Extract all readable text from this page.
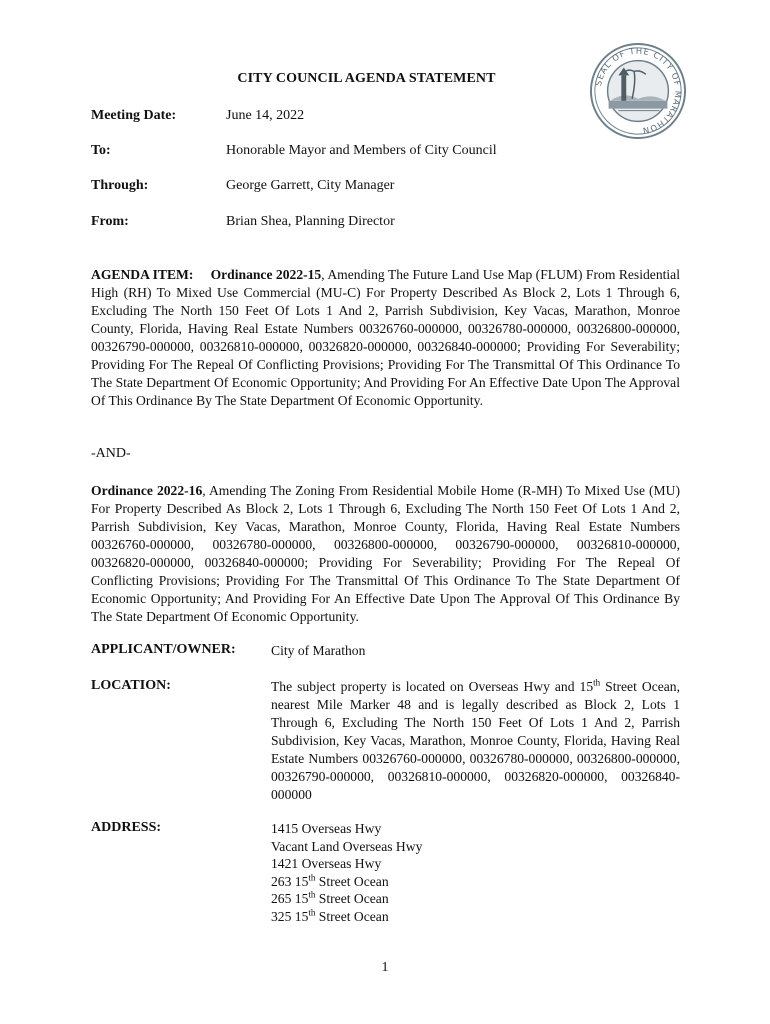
CITY COUNCIL AGENDA STATEMENT	SEAL OF THE CITY OF MARATHON
Meeting Date:	June 14, 2022
To:	Honorable Mayor and Members of City Council
Through:	George Garrett, City Manager
From:	Brian Shea, Planning Director

AGENDA ITEM: Ordinance 2022-15, Amending The Future Land Use Map (FLUM) From Residential High (RH) To Mixed Use Commercial (MU-C) For Property Described As Block 2, Lots 1 Through 6, Excluding The North 150 Feet Of Lots 1 And 2, Parrish Subdivision, Key Vacas, Marathon, Monroe County, Florida, Having Real Estate Numbers 00326760-000000, 00326780-000000, 00326800-000000, 00326790-000000, 00326810-000000, 00326820-000000, 00326840-000000; Providing For Severability; Providing For The Repeal Of Conflicting Provisions; Providing For The Transmittal Of This Ordinance To The State Department Of Economic Opportunity; And Providing For An Effective Date Upon The Approval Of This Ordinance By The State Department Of Economic Opportunity.

-AND-

Ordinance 2022-16, Amending The Zoning From Residential Mobile Home (R-MH) To Mixed Use (MU) For Property Described As Block 2, Lots 1 Through 6, Excluding The North 150 Feet Of Lots 1 And 2, Parrish Subdivision, Key Vacas, Marathon, Monroe County, Florida, Having Real Estate Numbers 00326760-000000, 00326780-000000, 00326800-000000, 00326790-000000, 00326810-000000, 00326820-000000, 00326840-000000; Providing For Severability; Providing For The Repeal Of Conflicting Provisions; Providing For The Transmittal Of This Ordinance To The State Department Of Economic Opportunity; And Providing For An Effective Date Upon The Approval Of This Ordinance By The State Department Of Economic Opportunity.

APPLICANT/OWNER:	City of Marathon

LOCATION:	The subject property is located on Overseas Hwy and 15th Street Ocean, nearest Mile Marker 48 and is legally described as Block 2, Lots 1 Through 6, Excluding The North 150 Feet Of Lots 1 And 2, Parrish Subdivision, Key Vacas, Marathon, Monroe County, Florida, Having Real Estate Numbers 00326760-000000, 00326780-000000, 00326800-000000, 00326790-000000, 00326810-000000, 00326820-000000, 00326840-000000

ADDRESS:	1415 Overseas Hwy
Vacant Land Overseas Hwy
1421 Overseas Hwy
263 15th Street Ocean
265 15th Street Ocean
325 15th Street Ocean
1
